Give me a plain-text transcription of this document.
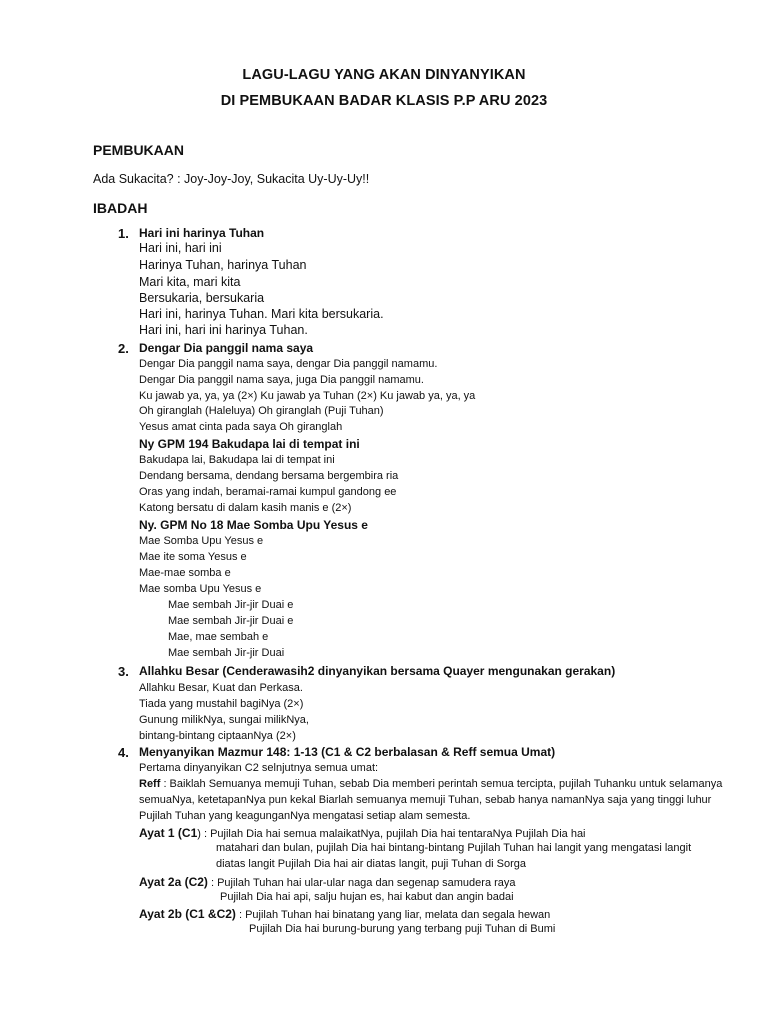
LAGU-LAGU YANG AKAN DINYANYIKAN
DI PEMBUKAAN BADAR KLASIS P.P ARU 2023
PEMBUKAAN
Ada Sukacita? : Joy-Joy-Joy, Sukacita Uy-Uy-Uy!!
IBADAH
1. Hari ini harinya Tuhan
Hari ini, hari ini
Harinya Tuhan, harinya Tuhan
Mari kita, mari kita
Bersukaria, bersukaria
Hari ini, harinya Tuhan. Mari kita bersukaria.
Hari ini, hari ini harinya Tuhan.
2. Dengar Dia panggil nama saya
Dengar Dia panggil nama saya, dengar Dia panggil namamu.
Dengar Dia panggil nama saya, juga Dia panggil namamu.
Ku jawab ya, ya, ya (2×) Ku jawab ya Tuhan (2×) Ku jawab ya, ya, ya
Oh giranglah (Haleluya) Oh giranglah (Puji Tuhan)
Yesus amat cinta pada saya Oh giranglah
Ny GPM 194 Bakudapa lai di tempat ini
Bakudapa lai, Bakudapa lai di tempat ini
Dendang bersama, dendang bersama bergembira ria
Oras yang indah, beramai-ramai kumpul gandong ee
Katong bersatu di dalam kasih manis e (2×)
Ny. GPM No 18 Mae Somba Upu Yesus e
Mae Somba Upu Yesus e
Mae ite soma Yesus e
Mae-mae somba e
Mae somba Upu Yesus e
Mae sembah Jir-jir Duai e
Mae sembah Jir-jir Duai e
Mae, mae sembah e
Mae sembah Jir-jir Duai
3. Allahku Besar (Cenderawasih2 dinyanyikan bersama Quayer mengunakan gerakan)
Allahku Besar, Kuat dan Perkasa.
Tiada yang mustahil bagiNya (2×)
Gunung milikNya, sungai milikNya,
bintang-bintang ciptaanNya (2×)
4. Menyanyikan Mazmur 148: 1-13 (C1 & C2 berbalasan & Reff semua Umat)
Pertama dinyanyikan C2 selnjutnya semua umat:
Reff : Baiklah Semuanya memuji Tuhan, sebab Dia memberi perintah semua tercipta, pujilah Tuhanku untuk selamanya
semuaNya, ketetapanNya pun kekal Biarlah semuanya memuji Tuhan, sebab hanya namanNya saja yang tinggi luhur
Pujilah Tuhan yang keagunganNya mengatasi setiap alam semesta.
Ayat 1 (C1) : Pujilah Dia hai semua malaikatNya, pujilah Dia hai tentaraNya Pujilah Dia hai
matahari dan bulan, pujilah Dia hai bintang-bintang Pujilah Tuhan hai langit yang mengatasi langit
diatas langit Pujilah Dia hai air diatas langit, puji Tuhan di Sorga
Ayat 2a (C2) : Pujilah Tuhan hai ular-ular naga dan segenap samudera raya
Pujilah Dia hai api, salju hujan es, hai kabut dan angin badai
Ayat 2b (C1 &C2) : Pujilah Tuhan hai binatang yang liar, melata dan segala hewan
Pujilah Dia hai burung-burung yang terbang puji Tuhan di Bumi
